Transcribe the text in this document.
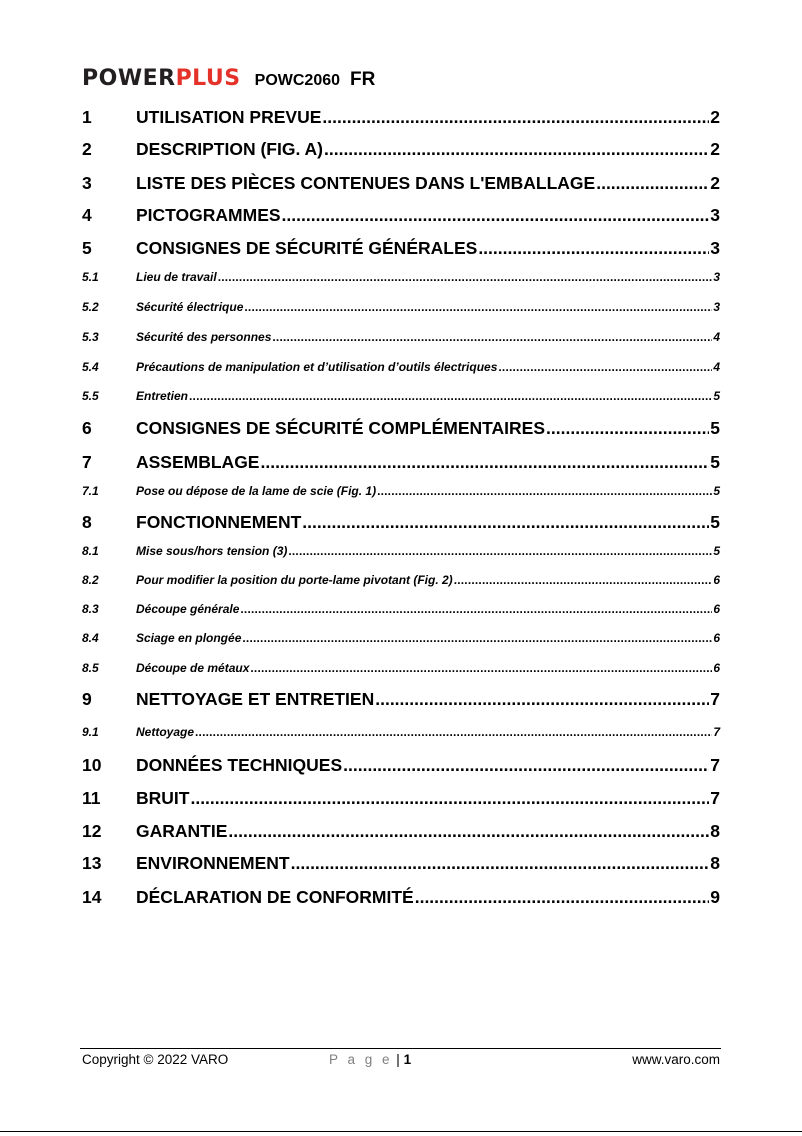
POWERPLUS POWC2060 FR
1	UTILISATION PREVUE .....	2
2	DESCRIPTION (FIG. A) .....	2
3	LISTE DES PIÈCES CONTENUES DANS L'EMBALLAGE .....	2
4	PICTOGRAMMES .....	3
5	CONSIGNES DE SÉCURITÉ GÉNÉRALES .....	3
5.1	Lieu de travail .....	3
5.2	Sécurité électrique .....	3
5.3	Sécurité des personnes .....	4
5.4	Précautions de manipulation et d’utilisation d’outils électriques .....	4
5.5	Entretien .....	5
6	CONSIGNES DE SÉCURITÉ COMPLÉMENTAIRES .....	5
7	ASSEMBLAGE .....	5
7.1	Pose ou dépose de la lame de scie (Fig. 1) .....	5
8	FONCTIONNEMENT .....	5
8.1	Mise sous/hors tension (3) .....	5
8.2	Pour modifier la position du porte-lame pivotant (Fig. 2) .....	6
8.3	Découpe générale .....	6
8.4	Sciage en plongée .....	6
8.5	Découpe de métaux .....	6
9	NETTOYAGE ET ENTRETIEN .....	7
9.1	Nettoyage .....	7
10	DONNÉES TECHNIQUES .....	7
11	BRUIT .....	7
12	GARANTIE .....	8
13	ENVIRONNEMENT .....	8
14	DÉCLARATION DE CONFORMITÉ .....	9
Copyright © 2022 VARO	P a g e | 1	www.varo.com
